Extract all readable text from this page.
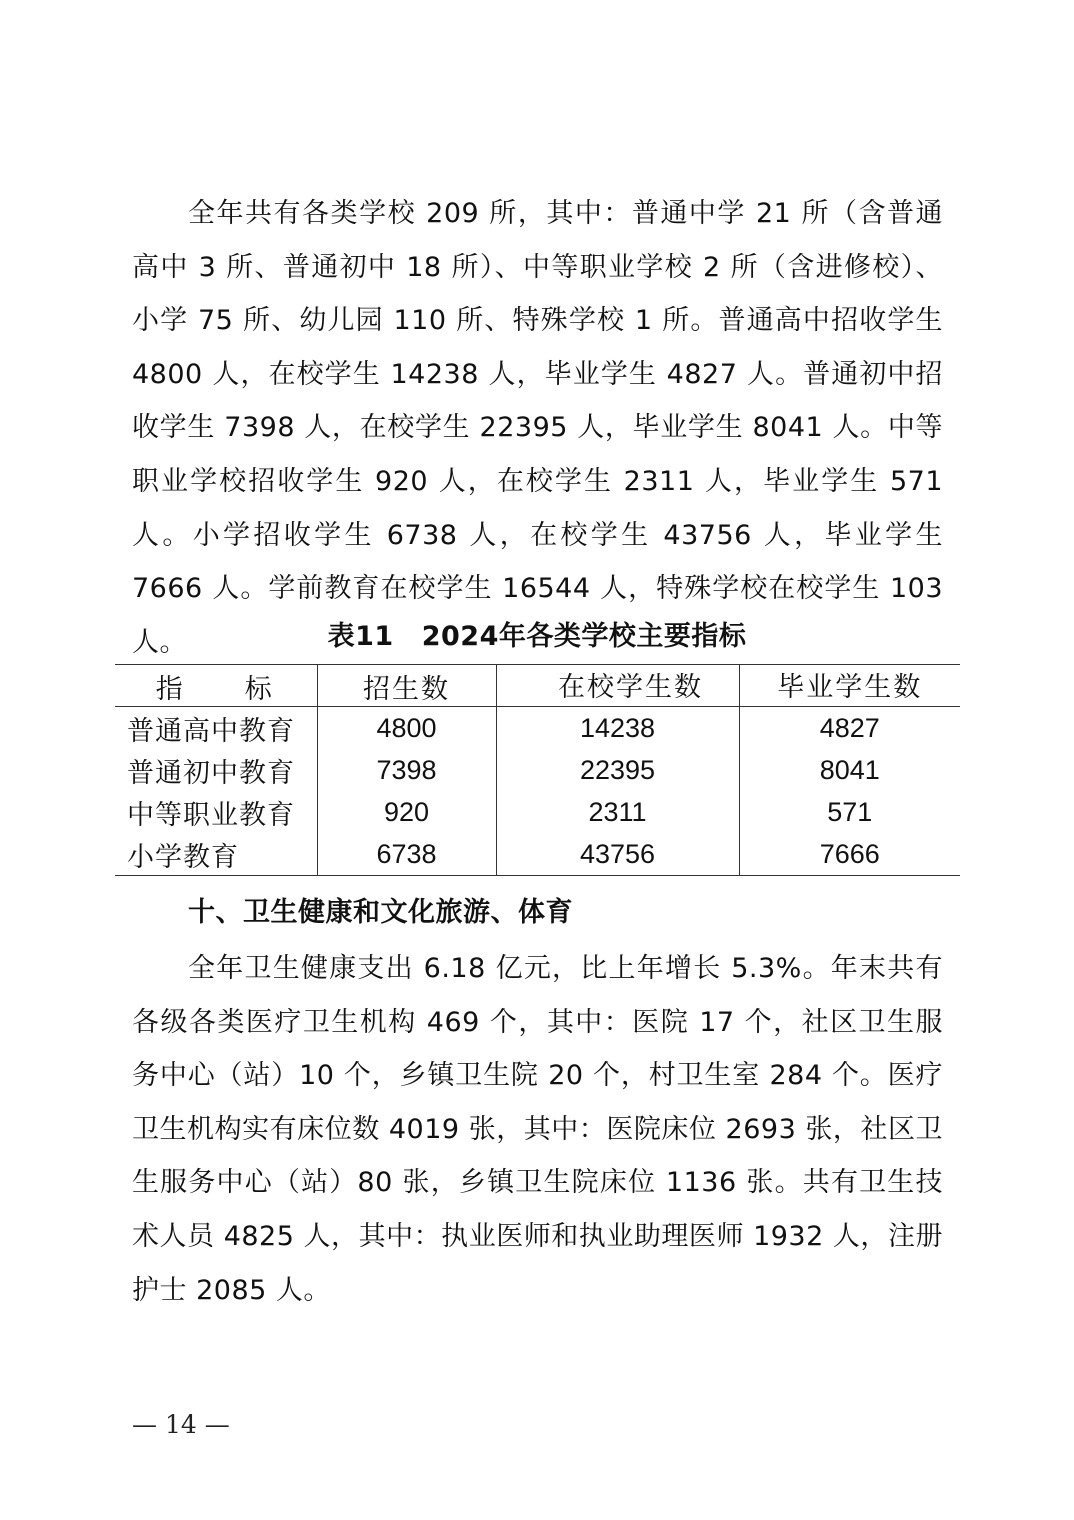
全年共有各类学校 209 所，其中：普通中学 21 所（含普通高中 3 所、普通初中 18 所）、中等职业学校 2 所（含进修校）、小学 75 所、幼儿园 110 所、特殊学校 1 所。普通高中招收学生 4800 人，在校学生 14238 人，毕业学生 4827 人。普通初中招收学生 7398 人，在校学生 22395 人，毕业学生 8041 人。中等职业学校招收学生 920 人，在校学生 2311 人，毕业学生 571 人。小学招收学生 6738 人，在校学生 43756 人，毕业学生 7666 人。学前教育在校学生 16544 人，特殊学校在校学生 103 人。	表11 2024年各类学校主要指标
指 标	招生数	在校学生数	毕业学生数
普通高中教育	4800	14238	4827
普通初中教育	7398	22395	8041
中等职业教育	920	2311	571
小学教育	6738	43756	7666
十、卫生健康和文化旅游、体育

全年卫生健康支出 6.18 亿元，比上年增长 5.3%。年末共有各级各类医疗卫生机构 469 个，其中：医院 17 个，社区卫生服务中心（站）10 个，乡镇卫生院 20 个，村卫生室 284 个。医疗卫生机构实有床位数 4019 张，其中：医院床位 2693 张，社区卫生服务中心（站）80 张，乡镇卫生院床位 1136 张。共有卫生技术人员 4825 人，其中：执业医师和执业助理医师 1932 人，注册护士 2085 人。

— 14 —
